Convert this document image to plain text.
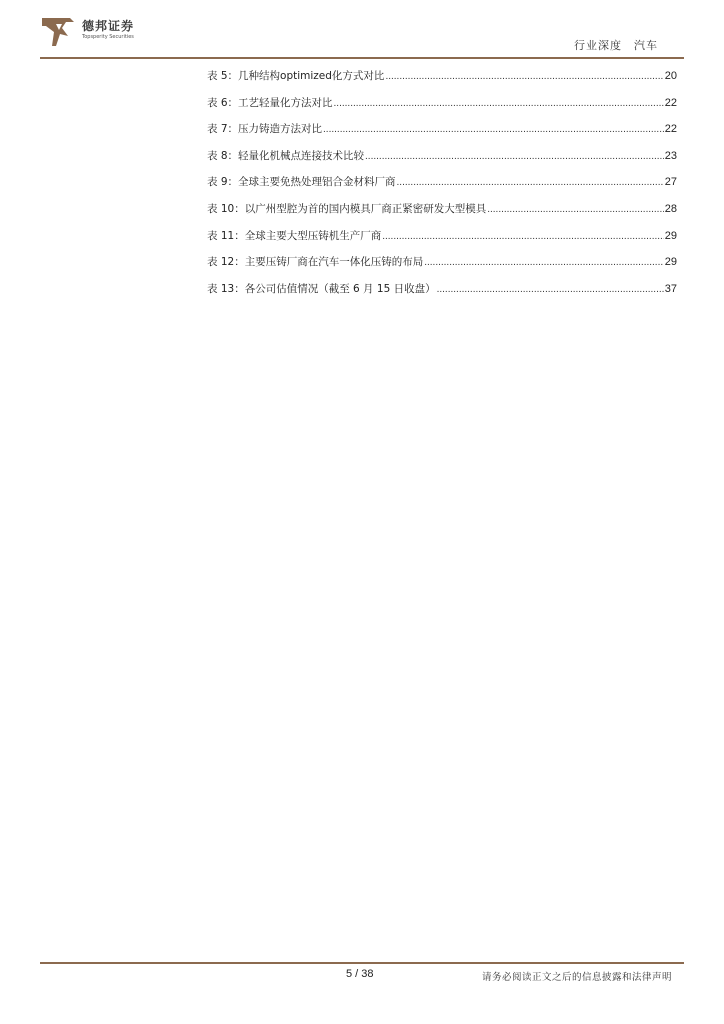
德邦证券
Topsperity Securities
行业深度 汽车
表 5：几种结构optimized化方式对比 .....	20
表 6：工艺轻量化方法对比 .....	22
表 7：压力铸造方法对比 .....	22
表 8：轻量化机械点连接技术比较 .....	23
表 9：全球主要免热处理铝合金材料厂商 .....	27
表 10：以广州型腔为首的国内模具厂商正紧密研发大型模具 .....	28
表 11：全球主要大型压铸机生产厂商 .....	29
表 12：主要压铸厂商在汽车一体化压铸的布局 .....	29
表 13：各公司估值情况（截至 6 月 15 日收盘） .....	37
5 / 38	请务必阅读正文之后的信息披露和法律声明
